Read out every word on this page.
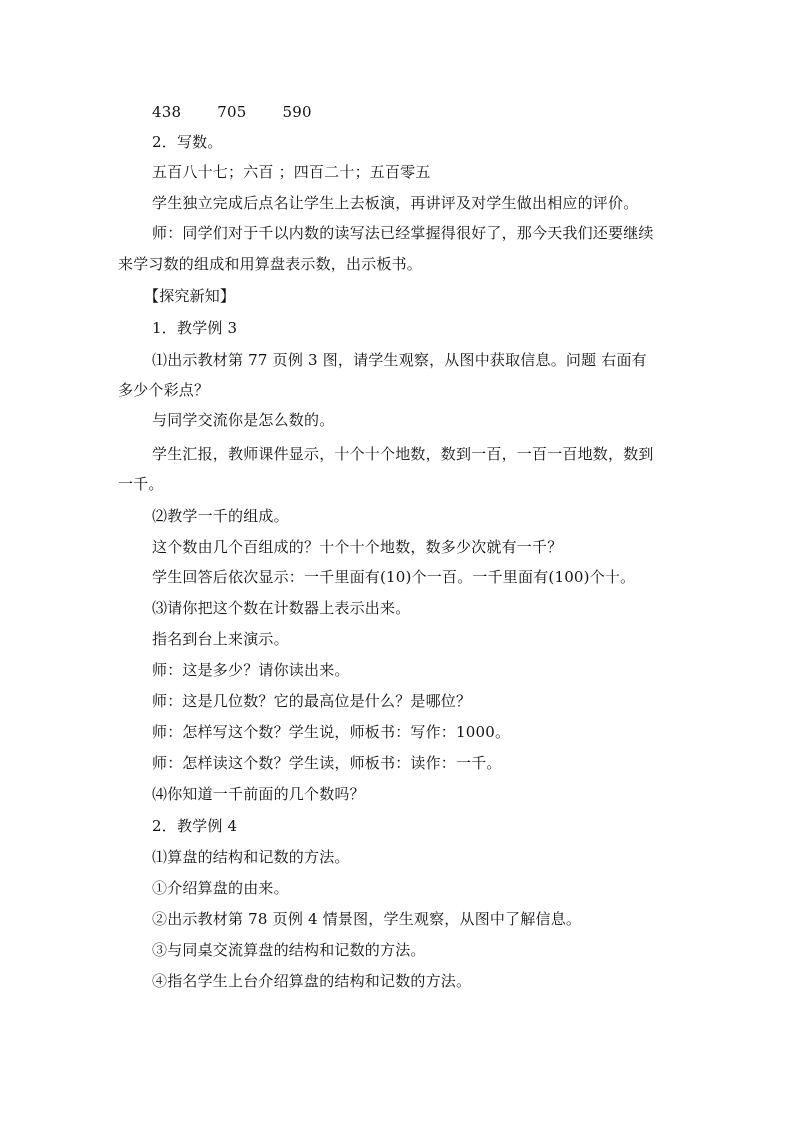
438 705 590
2．写数。
五百八十七；六百 ；四百二十；五百零五
学生独立完成后点名让学生上去板演，再讲评及对学生做出相应的评价。
师：同学们对于千以内数的读写法已经掌握得很好了，那今天我们还要继续
来学习数的组成和用算盘表示数，出示板书。
【探究新知】
1．教学例 3
⑴出示教材第 77 页例 3 图，请学生观察，从图中获取信息。问题 右面有
多少个彩点？
与同学交流你是怎么数的。
学生汇报，教师课件显示，十个十个地数，数到一百，一百一百地数，数到
一千。
⑵教学一千的组成。
这个数由几个百组成的？十个十个地数，数多少次就有一千？
学生回答后依次显示：一千里面有(10)个一百。一千里面有(100)个十。
⑶请你把这个数在计数器上表示出来。
指名到台上来演示。
师：这是多少？请你读出来。
师：这是几位数？它的最高位是什么？是哪位？
师：怎样写这个数？学生说，师板书：写作：1000。
师：怎样读这个数？学生读，师板书：读作：一千。
⑷你知道一千前面的几个数吗？
2．教学例 4
⑴算盘的结构和记数的方法。
①介绍算盘的由来。
②出示教材第 78 页例 4 情景图，学生观察，从图中了解信息。
③与同桌交流算盘的结构和记数的方法。
④指名学生上台介绍算盘的结构和记数的方法。
